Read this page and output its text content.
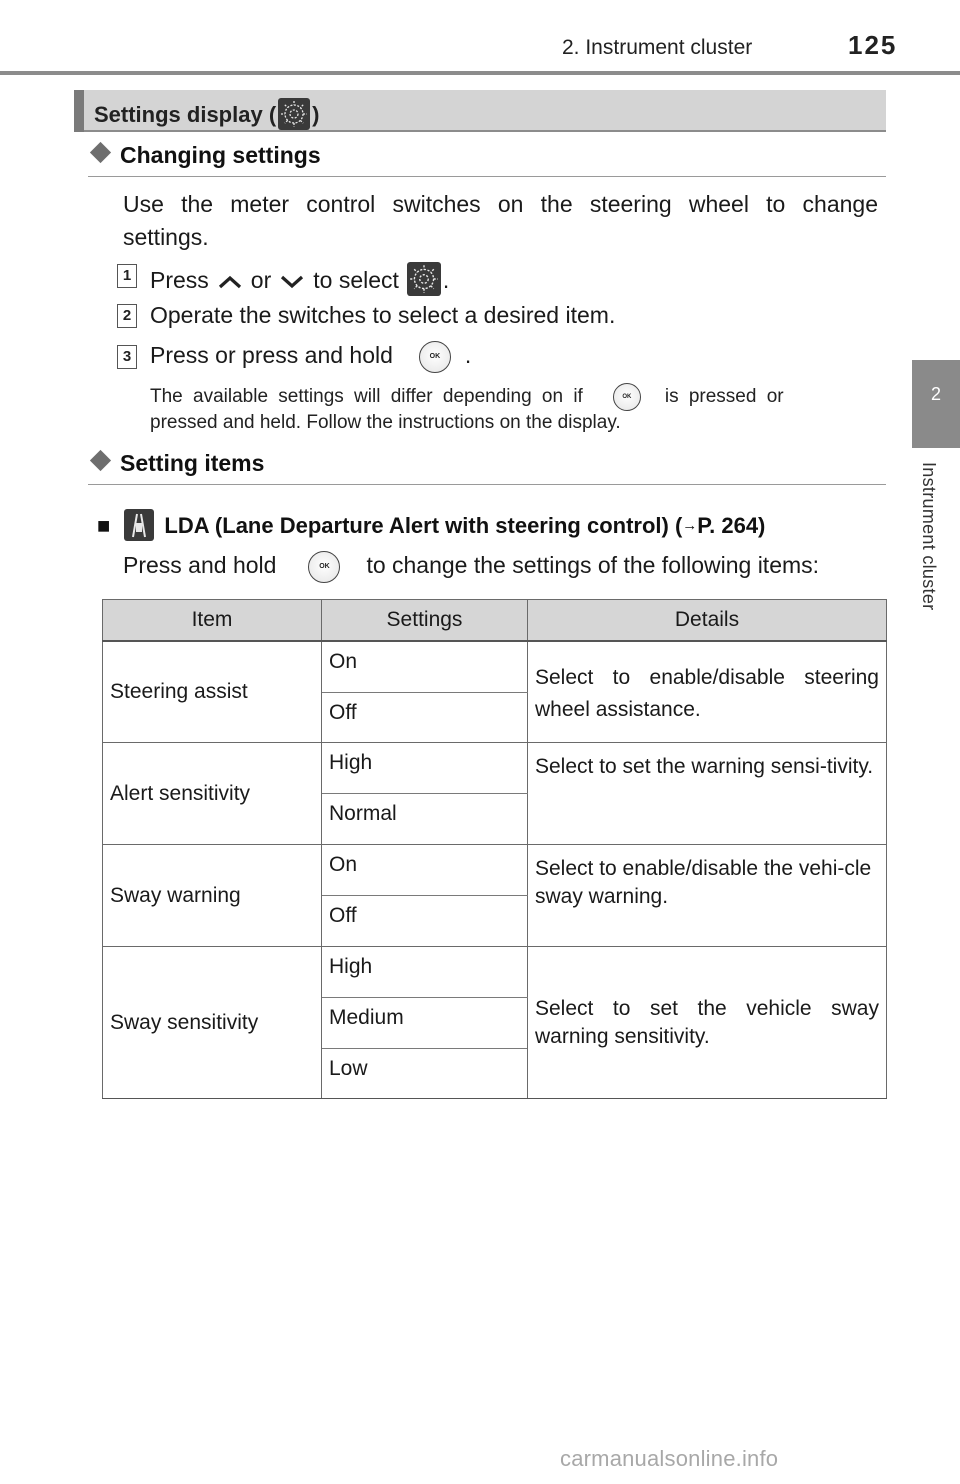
2. Instrument cluster	125
2
Instrument cluster
Settings display ( )
Changing settings
Use the meter control switches on the steering wheel to change
settings.
1 Press or to select .
2 Operate the switches to select a desired item.
3 Press or press and hold	OK .
The available settings will differ depending on if	OK is pressed or
pressed and held. Follow the instructions on the display.
Setting items
■ LDA (Lane Departure Alert with steering control) (→P. 264)
Press and hold	OK to change the settings of the following items:
Item	Settings	Details
Steering assist	On	Select to enable/disable steering wheel assistance.
	Off	
Alert sensitivity	High	Select to set the warning sensi-tivity.
	Normal	
Sway warning	On	Select to enable/disable the vehi-cle sway warning.
	Off	
Sway sensitivity	High	Select to set the vehicle sway warning sensitivity.
	Medium	
	Low	
carmanualsonline.info
